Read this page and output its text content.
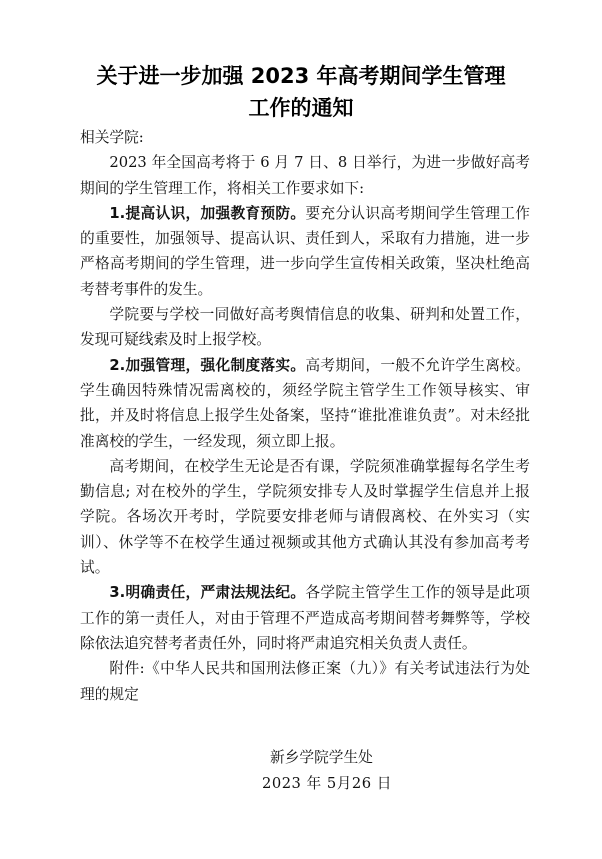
关于进一步加强 2023 年高考期间学生管理
工作的通知

相关学院:

2023 年全国高考将于 6 月 7 日、8 日举行，为进一步做好高考期间的学生管理工作，将相关工作要求如下:

1.提高认识，加强教育预防。要充分认识高考期间学生管理工作的重要性，加强领导、提高认识、责任到人，采取有力措施，进一步严格高考期间的学生管理，进一步向学生宣传相关政策，坚决杜绝高考替考事件的发生。

学院要与学校一同做好高考舆情信息的收集、研判和处置工作，发现可疑线索及时上报学校。

2.加强管理，强化制度落实。高考期间，一般不允许学生离校。学生确因特殊情况需离校的，须经学院主管学生工作领导核实、审批，并及时将信息上报学生处备案，坚持“谁批准谁负责”。对未经批准离校的学生，一经发现，须立即上报。

高考期间，在校学生无论是否有课，学院须准确掌握每名学生考勤信息; 对在校外的学生，学院须安排专人及时掌握学生信息并上报学院。各场次开考时，学院要安排老师与请假离校、在外实习（实训）、休学等不在校学生通过视频或其他方式确认其没有参加高考考试。

3.明确责任，严肃法规法纪。各学院主管学生工作的领导是此项工作的第一责任人，对由于管理不严造成高考期间替考舞弊等，学校除依法追究替考者责任外，同时将严肃追究相关负责人责任。

附件:《中华人民共和国刑法修正案（九）》有关考试违法行为处理的规定

新乡学院学生处
2023 年 5月26 日
